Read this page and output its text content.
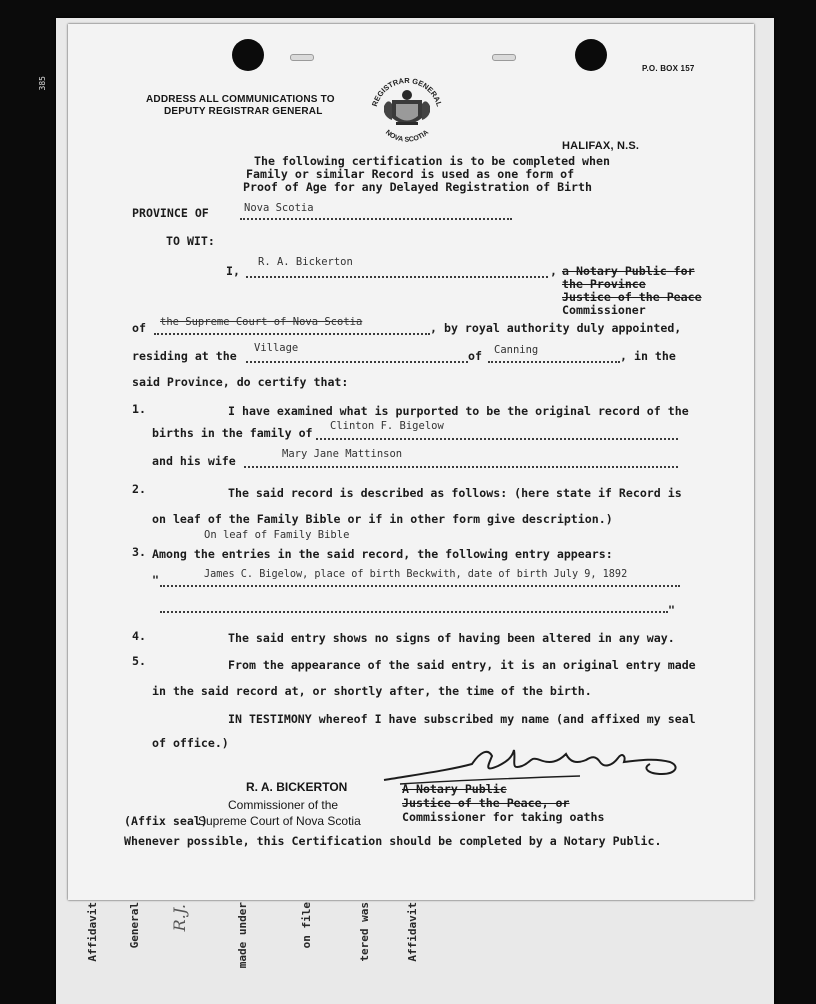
Affidavit	General R.J.	made under	on file	tered was	Affidavit
385
ADDRESS ALL COMMUNICATIONS TO
DEPUTY REGISTRAR GENERAL
P.O. BOX 157
HALIFAX, N.S.
REGISTRAR GENERAL
NOVA SCOTIA
The following certification is to be completed when
Family or similar Record is used as one form of
Proof of Age for any Delayed Registration of Birth
PROVINCE OF	Nova Scotia
TO WIT:
I,
R. A. Bickerton
, a Notary Public for
the Province
Justice of the Peace
Commissioner
of the Supreme Court of Nova Scotia	, by royal authority duly appointed,
residing at the
Village
of Canning	, in the
said Province, do certify that:
1.	I have examined what is purported to be the original record of the
births in the family of Clinton F. Bigelow
and his wife	Mary Jane Mattinson
2.	The said record is described as follows: (here state if Record is
on leaf of the Family Bible or if in other form give description.)
On leaf of Family Bible
3. Among the entries in the said record, the following entry appears:
"	James C. Bigelow, place of birth Beckwith, date of birth July 9, 1892
"
4.	The said entry shows no signs of having been altered in any way.
5.	From the appearance of the said entry, it is an original entry made
in the said record at, or shortly after, the time of the birth.
IN TESTIMONY whereof I have subscribed my name (and affixed my seal
of office.)
R. A. BICKERTON
Commissioner of the
Supreme Court of Nova Scotia
A Notary Public
Justice of the Peace, or
Commissioner for taking oaths
(Affix seal)
Whenever possible, this Certification should be completed by a Notary Public.
